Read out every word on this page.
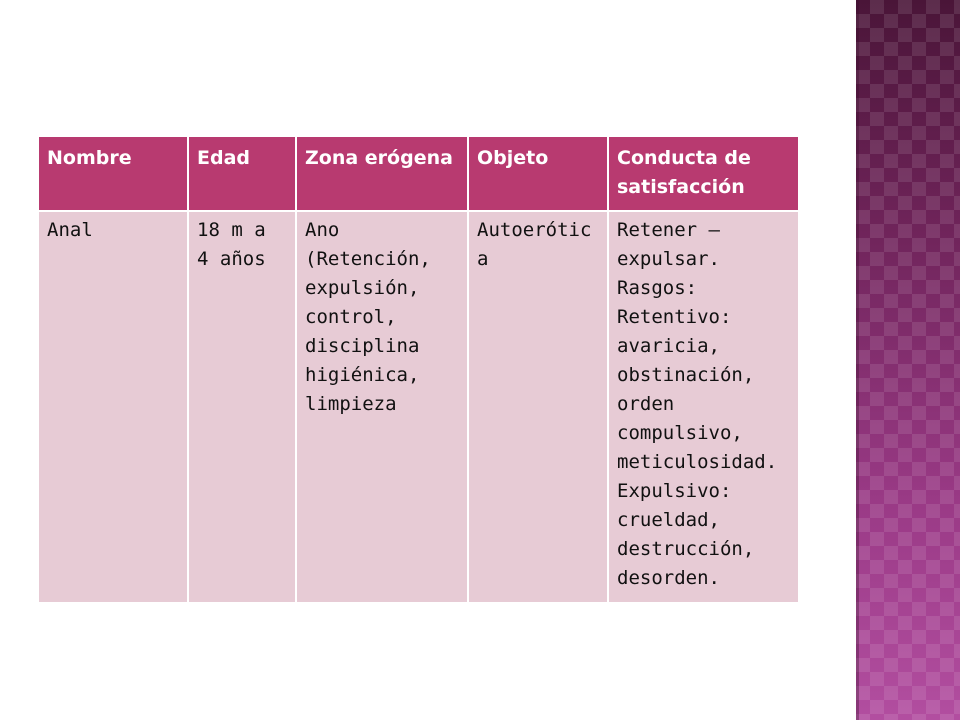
Nombre	Edad	Zona erógena	Objeto	Conducta de satisfacción

Anal	18 m a 4 años	Ano (Retención, expulsión, control, disciplina higiénica, limpieza	Autoerótic a	Retener – expulsar. Rasgos: Retentivo: avaricia, obstinación, orden compulsivo, meticulosidad. Expulsivo: crueldad, destrucción, desorden.
